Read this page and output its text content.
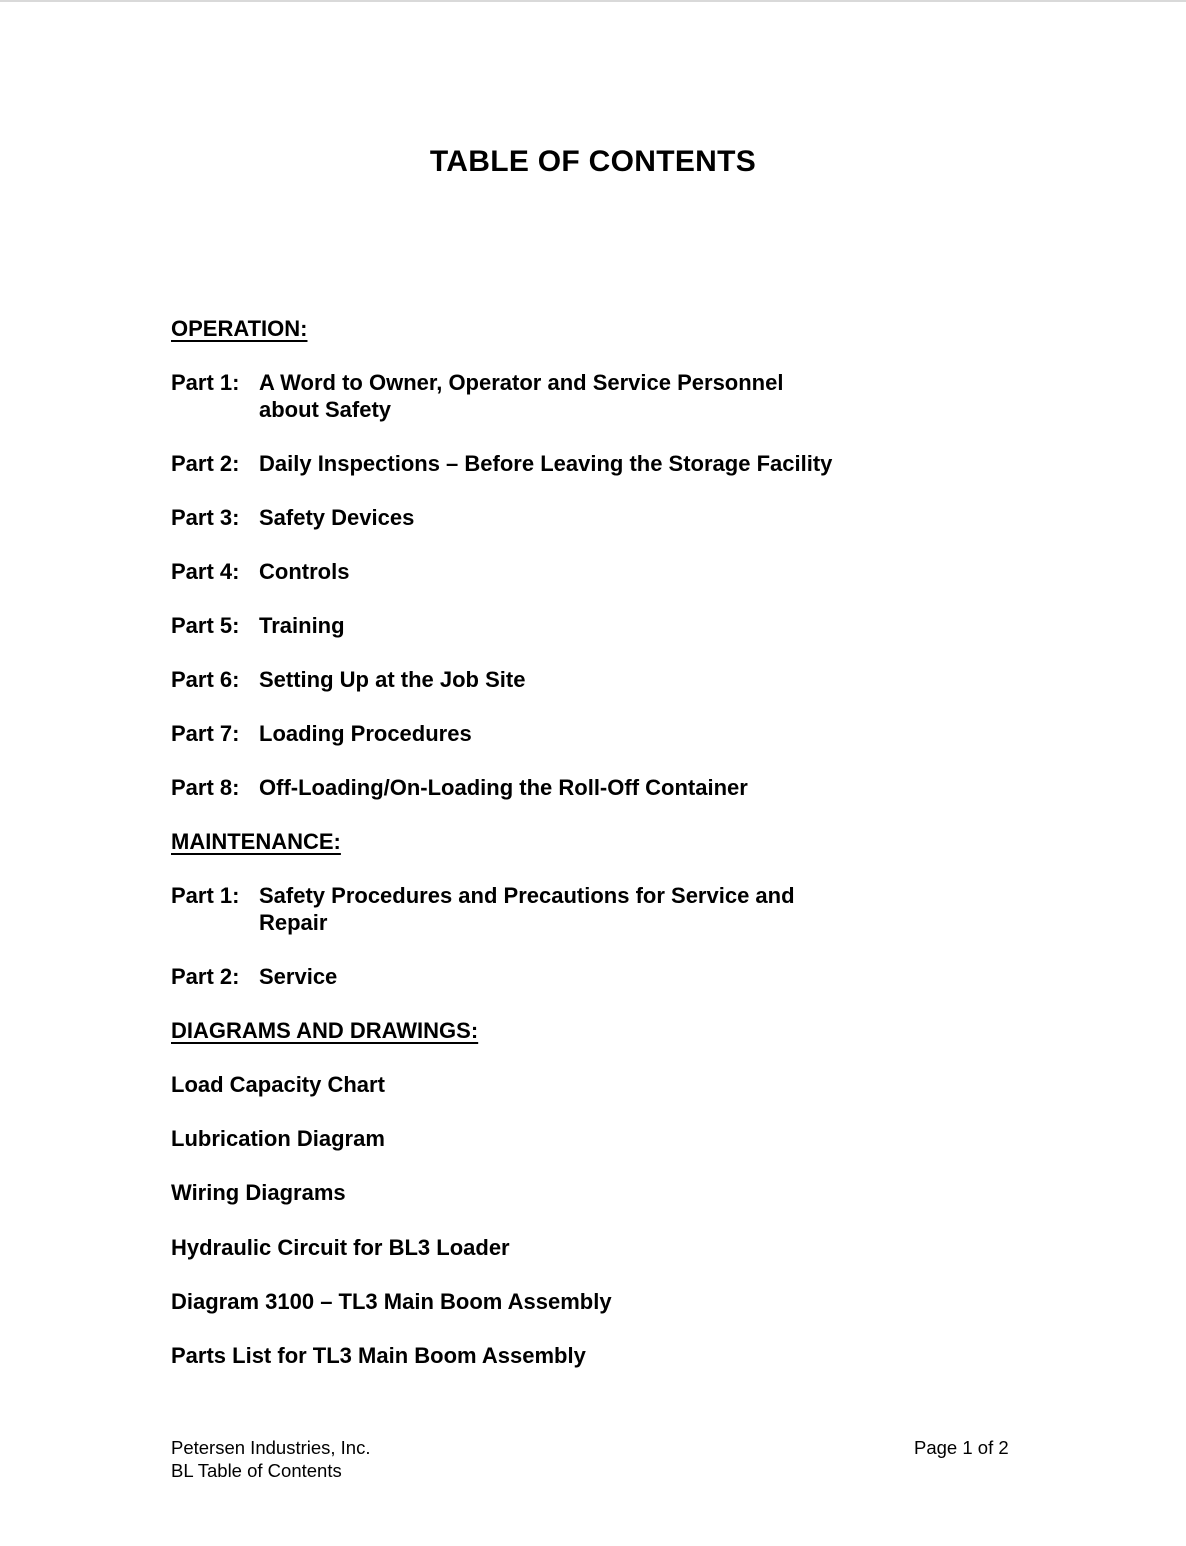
TABLE OF CONTENTS
OPERATION:
Part 1: A Word to Owner, Operator and Service Personnel about Safety
Part 2: Daily Inspections – Before Leaving the Storage Facility
Part 3: Safety Devices
Part 4: Controls
Part 5: Training
Part 6: Setting Up at the Job Site
Part 7: Loading Procedures
Part 8: Off-Loading/On-Loading the Roll-Off Container
MAINTENANCE:
Part 1: Safety Procedures and Precautions for Service and Repair
Part 2: Service
DIAGRAMS AND DRAWINGS:
Load Capacity Chart
Lubrication Diagram
Wiring Diagrams
Hydraulic Circuit for BL3 Loader
Diagram 3100 – TL3 Main Boom Assembly
Parts List for TL3 Main Boom Assembly
Petersen Industries, Inc.
BL Table of Contents
Page 1 of 2
